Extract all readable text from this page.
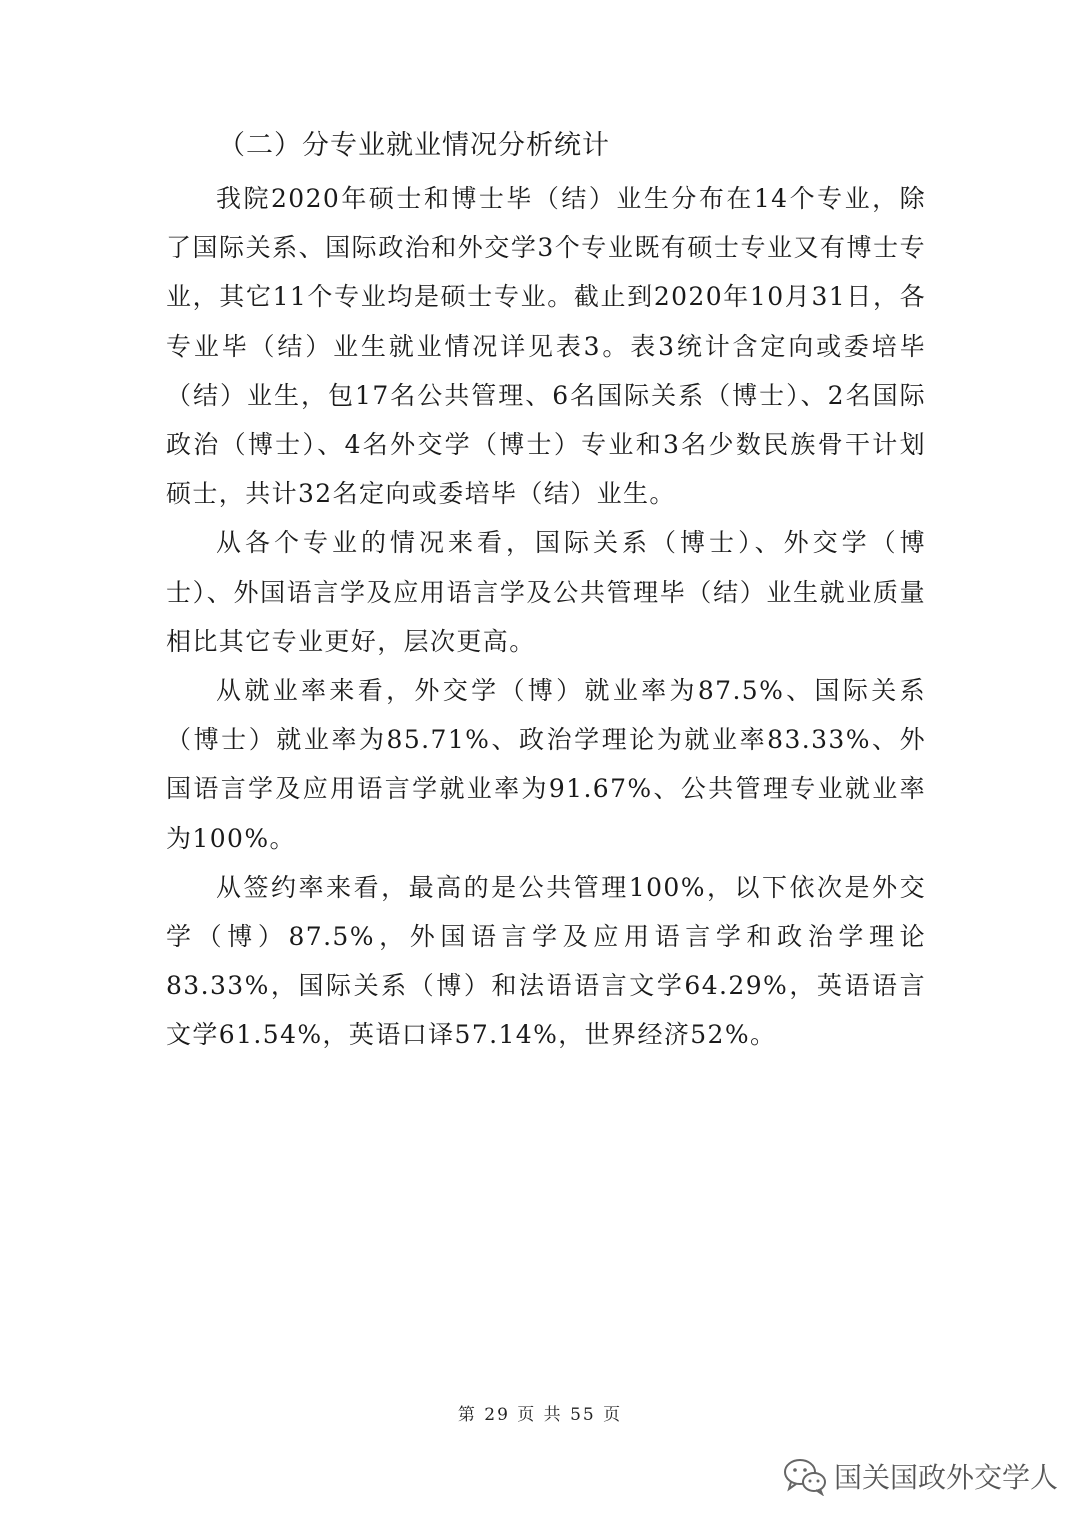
（二）分专业就业情况分析统计

我院2020年硕士和博士毕（结）业生分布在14个专业，除了国际关系、国际政治和外交学3个专业既有硕士专业又有博士专业，其它11个专业均是硕士专业。截止到2020年10月31日，各专业毕（结）业生就业情况详见表3。表3统计含定向或委培毕（结）业生，包17名公共管理、6名国际关系（博士）、2名国际政治（博士）、4名外交学（博士）专业和3名少数民族骨干计划硕士，共计32名定向或委培毕（结）业生。

从各个专业的情况来看，国际关系（博士）、外交学（博士）、外国语言学及应用语言学及公共管理毕（结）业生就业质量相比其它专业更好，层次更高。

从就业率来看，外交学（博）就业率为87.5%、国际关系（博士）就业率为85.71%、政治学理论为就业率83.33%、外国语言学及应用语言学就业率为91.67%、公共管理专业就业率为100%。

从签约率来看，最高的是公共管理100%，以下依次是外交学（博）87.5%，外国语言学及应用语言学和政治学理论83.33%，国际关系（博）和法语语言文学64.29%，英语语言文学61.54%，英语口译57.14%，世界经济52%。

第 29 页 共 55 页
国关国政外交学人
